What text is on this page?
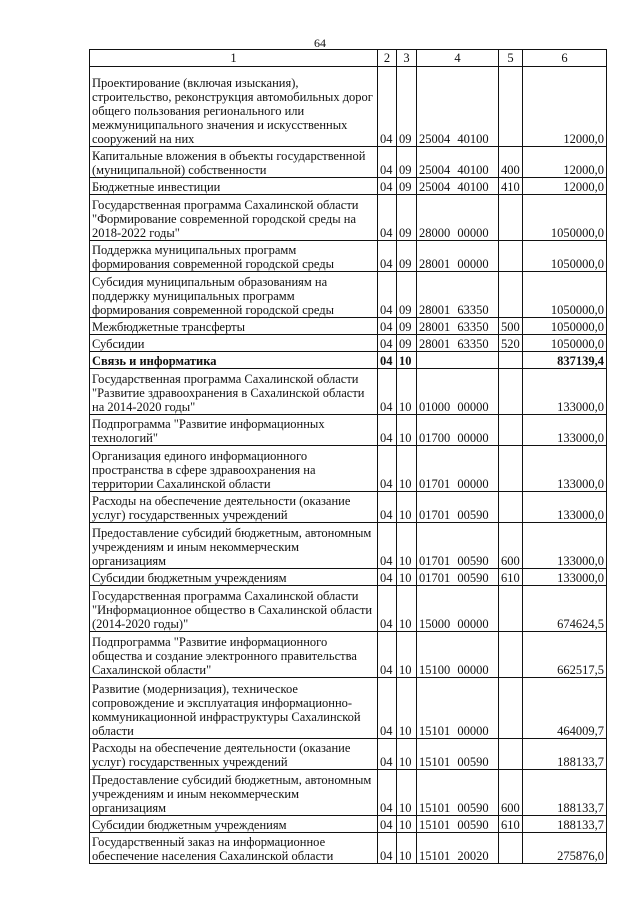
64
1	2	3	4	5	6
Проектирование (включая изыскания), строительство, реконструкция автомобильных дорог общего пользования регионального или межмуниципального значения и искусственных сооружений на них	04	09	25004 40100		12000,0
Капитальные вложения в объекты государственной (муниципальной) собственности	04	09	25004 40100	400	12000,0
Бюджетные инвестиции	04	09	25004 40100	410	12000,0
Государственная программа Сахалинской области "Формирование современной городской среды на 2018-2022 годы"	04	09	28000 00000		1050000,0
Поддержка муниципальных программ формирования современной городской среды	04	09	28001 00000		1050000,0
Субсидия муниципальным образованиям на поддержку муниципальных программ формирования современной городской среды	04	09	28001 63350		1050000,0
Межбюджетные трансферты	04	09	28001 63350	500	1050000,0
Субсидии	04	09	28001 63350	520	1050000,0
Связь и информатика	04	10			837139,4
Государственная программа Сахалинской области "Развитие здравоохранения в Сахалинской области на 2014-2020 годы"	04	10	01000 00000		133000,0
Подпрограмма "Развитие информационных технологий"	04	10	01700 00000		133000,0
Организация единого информационного пространства в сфере здравоохранения на территории Сахалинской области	04	10	01701 00000		133000,0
Расходы на обеспечение деятельности (оказание услуг) государственных учреждений	04	10	01701 00590		133000,0
Предоставление субсидий бюджетным, автономным учреждениям и иным некоммерческим организациям	04	10	01701 00590	600	133000,0
Субсидии бюджетным учреждениям	04	10	01701 00590	610	133000,0
Государственная программа Сахалинской области "Информационное общество в Сахалинской области (2014-2020 годы)"	04	10	15000 00000		674624,5
Подпрограмма "Развитие информационного общества и создание электронного правительства Сахалинской области"	04	10	15100 00000		662517,5
Развитие (модернизация), техническое сопровождение и эксплуатация информационно-коммуникационной инфраструктуры Сахалинской области	04	10	15101 00000		464009,7
Расходы на обеспечение деятельности (оказание услуг) государственных учреждений	04	10	15101 00590		188133,7
Предоставление субсидий бюджетным, автономным учреждениям и иным некоммерческим организациям	04	10	15101 00590	600	188133,7
Субсидии бюджетным учреждениям	04	10	15101 00590	610	188133,7
Государственный заказ на информационное обеспечение населения Сахалинской области	04	10	15101 20020		275876,0
